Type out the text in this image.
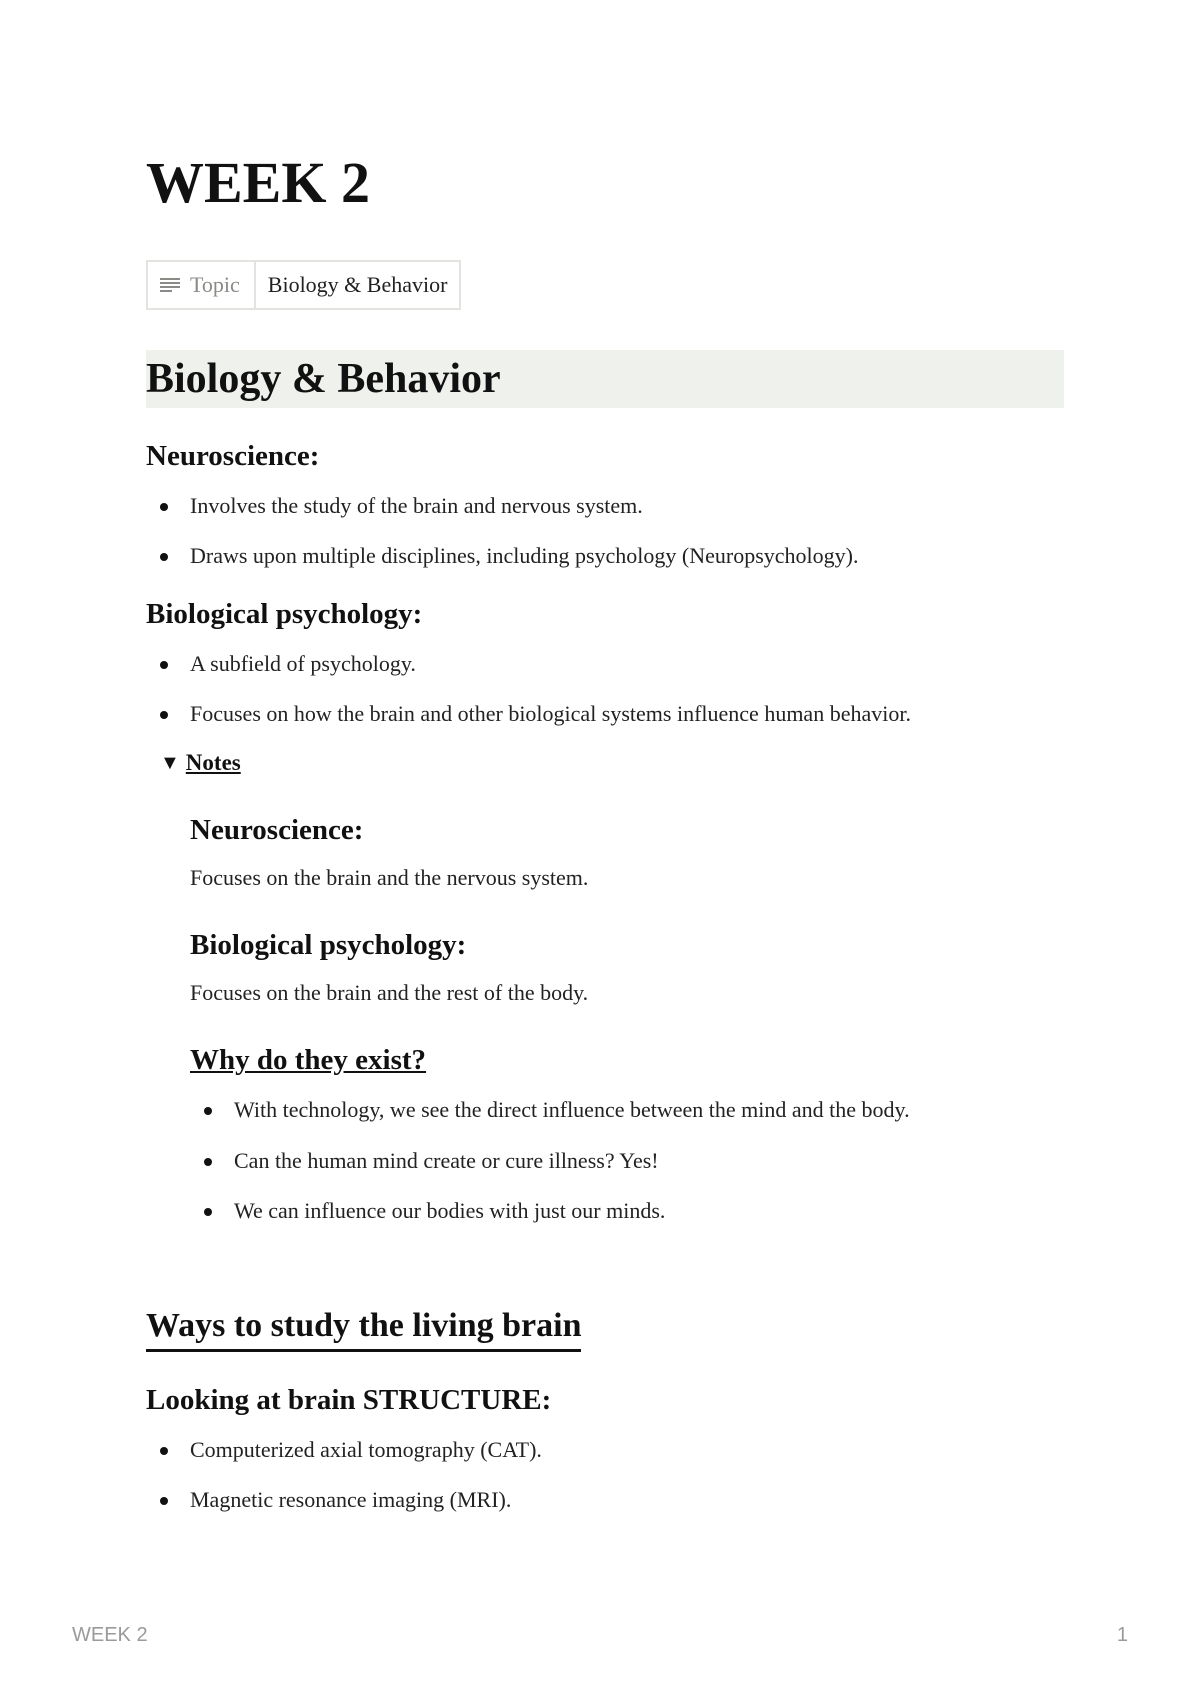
WEEK 2
Topic	Biology & Behavior
Biology & Behavior
Neuroscience:
Involves the study of the brain and nervous system.
Draws upon multiple disciplines, including psychology (Neuropsychology).
Biological psychology:
A subfield of psychology.
Focuses on how the brain and other biological systems influence human behavior.
▼ Notes
Neuroscience:
Focuses on the brain and the nervous system.
Biological psychology:
Focuses on the brain and the rest of the body.
Why do they exist?
With technology, we see the direct influence between the mind and the body.
Can the human mind create or cure illness? Yes!
We can influence our bodies with just our minds.
Ways to study the living brain
Looking at brain STRUCTURE:
Computerized axial tomography (CAT).
Magnetic resonance imaging (MRI).
WEEK 2	1
